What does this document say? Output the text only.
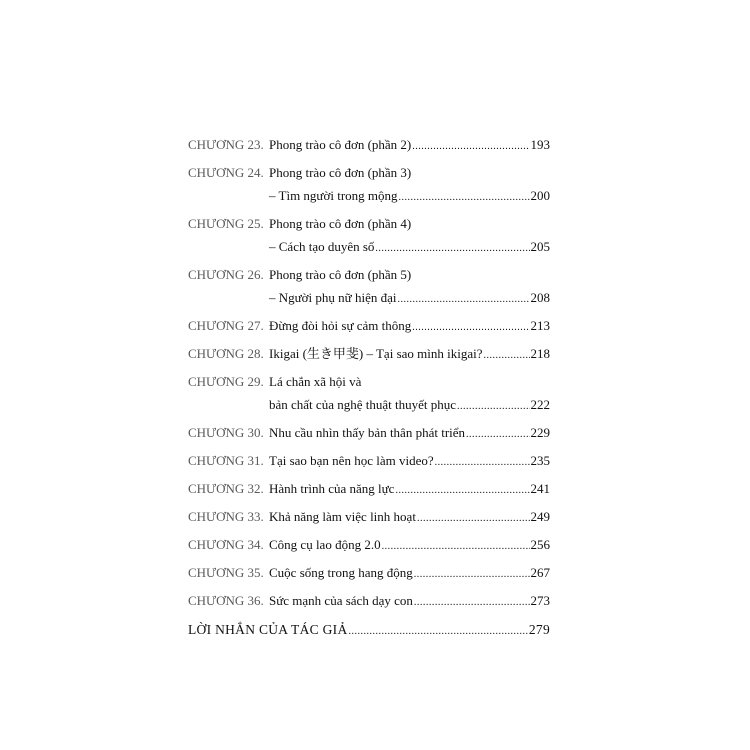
CHƯƠNG 23. Phong trào cô đơn (phần 2) .....	193
CHƯƠNG 24. Phong trào cô đơn (phần 3)
– Tìm người trong mộng .....	200
CHƯƠNG 25. Phong trào cô đơn (phần 4)
– Cách tạo duyên số .....	205
CHƯƠNG 26. Phong trào cô đơn (phần 5)
– Người phụ nữ hiện đại .....	208
CHƯƠNG 27. Đừng đòi hỏi sự cảm thông .....	213
CHƯƠNG 28. Ikigai (生き甲斐) – Tại sao mình ikigai? .....	218
CHƯƠNG 29. Lá chắn xã hội và
bản chất của nghệ thuật thuyết phục .....	222
CHƯƠNG 30. Nhu cầu nhìn thấy bản thân phát triển .....	229
CHƯƠNG 31. Tại sao bạn nên học làm video? .....	235
CHƯƠNG 32. Hành trình của năng lực .....	241
CHƯƠNG 33. Khả năng làm việc linh hoạt .....	249
CHƯƠNG 34. Công cụ lao động 2.0 .....	256
CHƯƠNG 35. Cuộc sống trong hang động .....	267
CHƯƠNG 36. Sức mạnh của sách dạy con .....	273
LỜI NHẮN CỦA TÁC GIẢ .....	279
